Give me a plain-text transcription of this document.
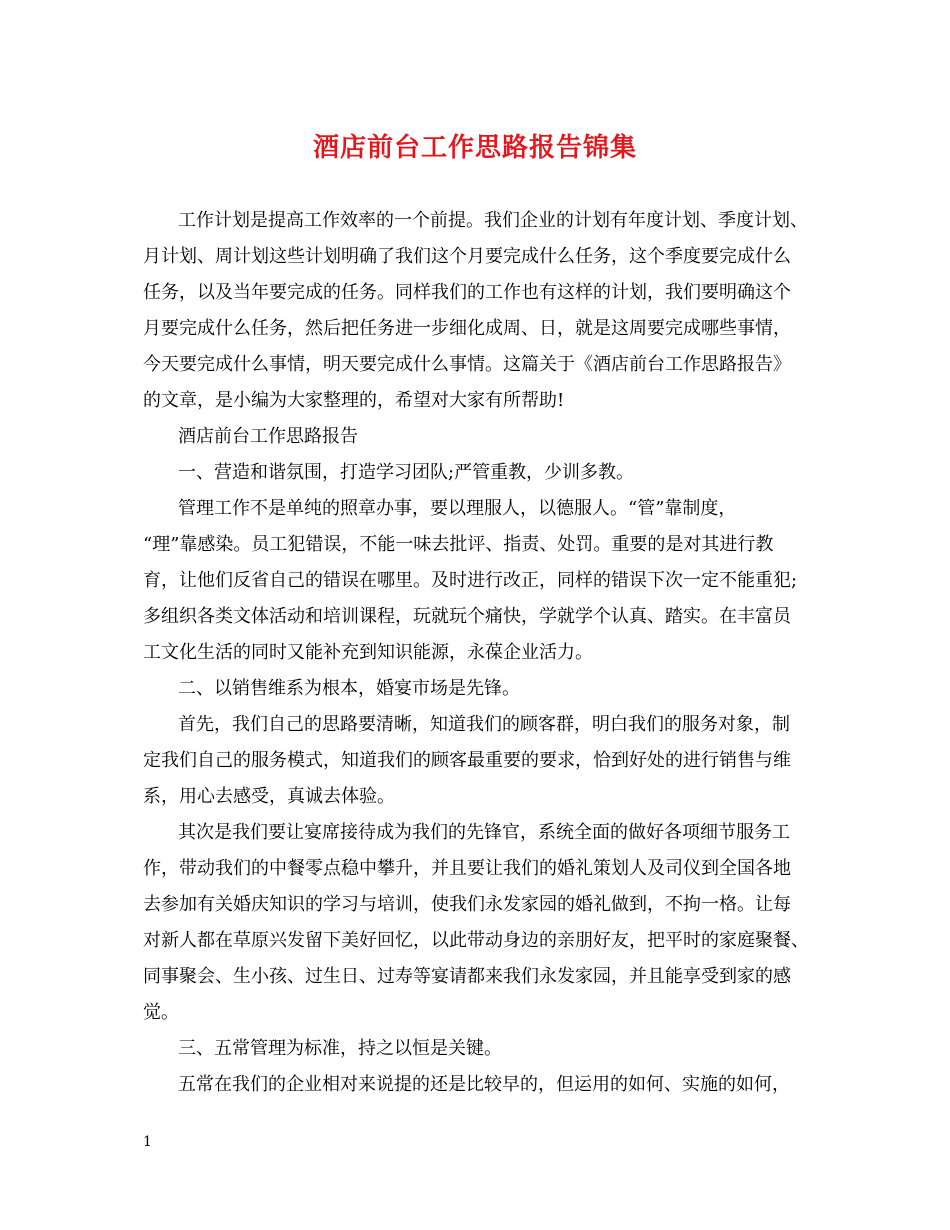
酒店前台工作思路报告锦集
工作计划是提高工作效率的一个前提。我们企业的计划有年度计划、季度计划、
月计划、周计划这些计划明确了我们这个月要完成什么任务，这个季度要完成什么
任务，以及当年要完成的任务。同样我们的工作也有这样的计划，我们要明确这个
月要完成什么任务，然后把任务进一步细化成周、日，就是这周要完成哪些事情，
今天要完成什么事情，明天要完成什么事情。这篇关于《酒店前台工作思路报告》
的文章，是小编为大家整理的，希望对大家有所帮助!
酒店前台工作思路报告
一、营造和谐氛围，打造学习团队;严管重教，少训多教。
管理工作不是单纯的照章办事，要以理服人，以德服人。“管”靠制度，
“理”靠感染。员工犯错误，不能一味去批评、指责、处罚。重要的是对其进行教
育，让他们反省自己的错误在哪里。及时进行改正，同样的错误下次一定不能重犯;
多组织各类文体活动和培训课程，玩就玩个痛快，学就学个认真、踏实。在丰富员
工文化生活的同时又能补充到知识能源，永葆企业活力。
二、以销售维系为根本，婚宴市场是先锋。
首先，我们自己的思路要清晰，知道我们的顾客群，明白我们的服务对象，制
定我们自己的服务模式，知道我们的顾客最重要的要求，恰到好处的进行销售与维
系，用心去感受，真诚去体验。
其次是我们要让宴席接待成为我们的先锋官，系统全面的做好各项细节服务工
作，带动我们的中餐零点稳中攀升，并且要让我们的婚礼策划人及司仪到全国各地
去参加有关婚庆知识的学习与培训，使我们永发家园的婚礼做到，不拘一格。让每
对新人都在草原兴发留下美好回忆，以此带动身边的亲朋好友，把平时的家庭聚餐、
同事聚会、生小孩、过生日、过寿等宴请都来我们永发家园，并且能享受到家的感
觉。
三、五常管理为标准，持之以恒是关键。
五常在我们的企业相对来说提的还是比较早的，但运用的如何、实施的如何，
1
